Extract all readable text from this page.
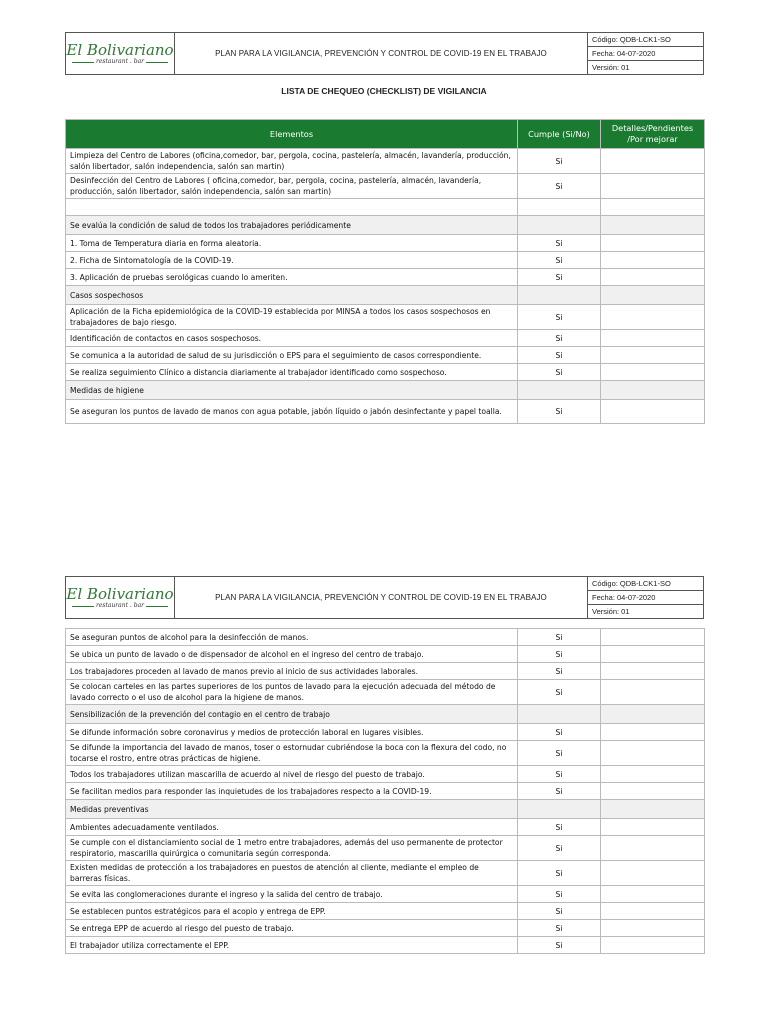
El Bolivariano
restaurant . bar
	PLAN PARA LA VIGILANCIA, PREVENCIÓN Y CONTROL DE COVID-19 EN EL TRABAJO	Código: QDB-LCK1-SO
Fecha: 04-07-2020
Versión: 01
LISTA DE CHEQUEO (CHECKLIST) DE VIGILANCIA
Elementos	Cumple (Si/No)	Detalles/Pendientes /Por mejorar
Limpieza del Centro de Labores (oficina,comedor, bar, pergola, cocina, pastelería, almacén, lavandería, producción, salón libertador, salón independencia, salón san martin)	Si	
Desinfección del Centro de Labores ( oficina,comedor, bar, pergola, cocina, pastelería, almacén, lavandería, producción, salón libertador, salón independencia, salón san martin)	Si	

Se evalúa la condición de salud de todos los trabajadores periódicamente		
1. Toma de Temperatura diaria en forma aleatoria.	Si	
2. Ficha de Sintomatología de la COVID-19.	Si	
3. Aplicación de pruebas serológicas cuando lo ameriten.	Si	
Casos sospechosos		
Aplicación de la Ficha epidemiológica de la COVID-19 establecida por MINSA a todos los casos sospechosos en trabajadores de bajo riesgo.	Si	
Identificación de contactos en casos sospechosos.	Si	
Se comunica a la autoridad de salud de su jurisdicción o EPS para el seguimiento de casos correspondiente.	Si	
Se realiza seguimiento Clínico a distancia diariamente al trabajador identificado como sospechoso.	Si	
Medidas de higiene		
Se aseguran los puntos de lavado de manos con agua potable, jabón líquido o jabón desinfectante y papel toalla.	Si	
El Bolivariano
restaurant . bar
	PLAN PARA LA VIGILANCIA, PREVENCIÓN Y CONTROL DE COVID-19 EN EL TRABAJO	Código: QDB-LCK1-SO
Fecha: 04-07-2020
Versión: 01
Se aseguran puntos de alcohol para la desinfección de manos.	Si	
Se ubica un punto de lavado o de dispensador de alcohol en el ingreso del centro de trabajo.	Si	
Los trabajadores proceden al lavado de manos previo al inicio de sus actividades laborales.	Si	
Se colocan carteles en las partes superiores de los puntos de lavado para la ejecución adecuada del método de lavado correcto o el uso de alcohol para la higiene de manos.	Si	
Sensibilización de la prevención del contagio en el centro de trabajo		
Se difunde información sobre coronavirus y medios de protección laboral en lugares visibles.	Si	
Se difunde la importancia del lavado de manos, toser o estornudar cubriéndose la boca con la flexura del codo, no tocarse el rostro, entre otras prácticas de higiene.	Si	
Todos los trabajadores utilizan mascarilla de acuerdo al nivel de riesgo del puesto de trabajo.	Si	
Se facilitan medios para responder las inquietudes de los trabajadores respecto a la COVID-19.	Si	
Medidas preventivas		
Ambientes adecuadamente ventilados.	Si	
Se cumple con el distanciamiento social de 1 metro entre trabajadores, además del uso permanente de protector respiratorio, mascarilla quirúrgica o comunitaria según corresponda.	Si	
Existen medidas de protección a los trabajadores en puestos de atención al cliente, mediante el empleo de barreras físicas.	Si	
Se evita las conglomeraciones durante el ingreso y la salida del centro de trabajo.	Si	
Se establecen puntos estratégicos para el acopio y entrega de EPP.	Si	
Se entrega EPP de acuerdo al riesgo del puesto de trabajo.	Si	
El trabajador utiliza correctamente el EPP.	Si	
